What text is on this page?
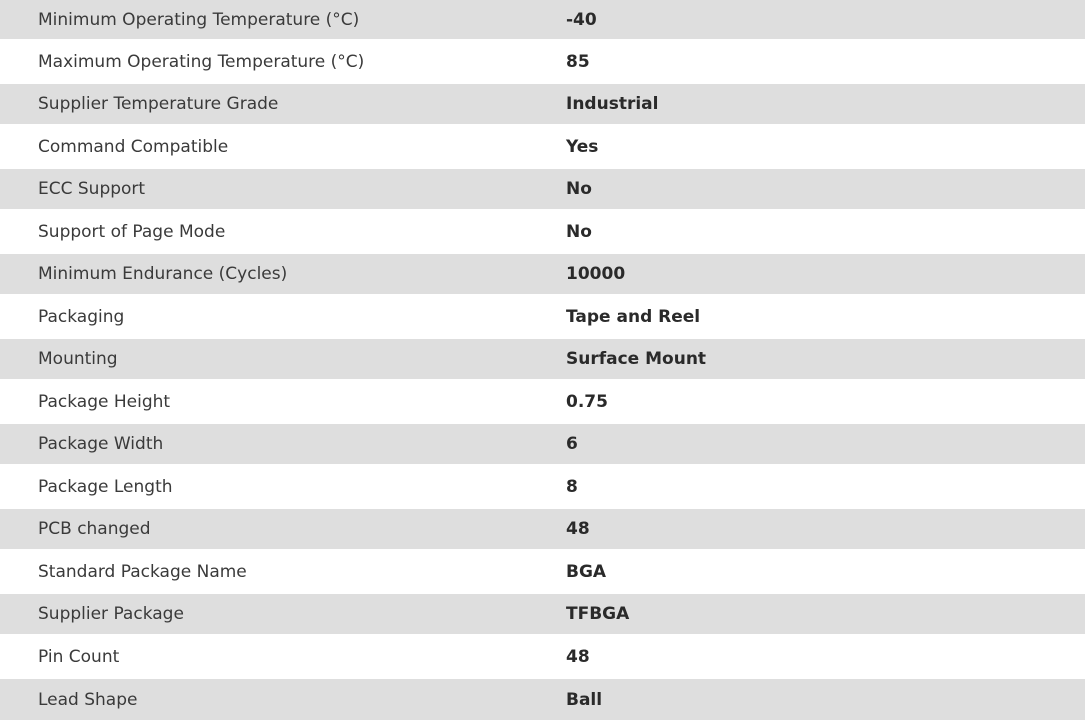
Minimum Operating Temperature (°C)	-40
Maximum Operating Temperature (°C)	85
Supplier Temperature Grade	Industrial
Command Compatible	Yes
ECC Support	No
Support of Page Mode	No
Minimum Endurance (Cycles)	10000
Packaging	Tape and Reel
Mounting	Surface Mount
Package Height	0.75
Package Width	6
Package Length	8
PCB changed	48
Standard Package Name	BGA
Supplier Package	TFBGA
Pin Count	48
Lead Shape	Ball
